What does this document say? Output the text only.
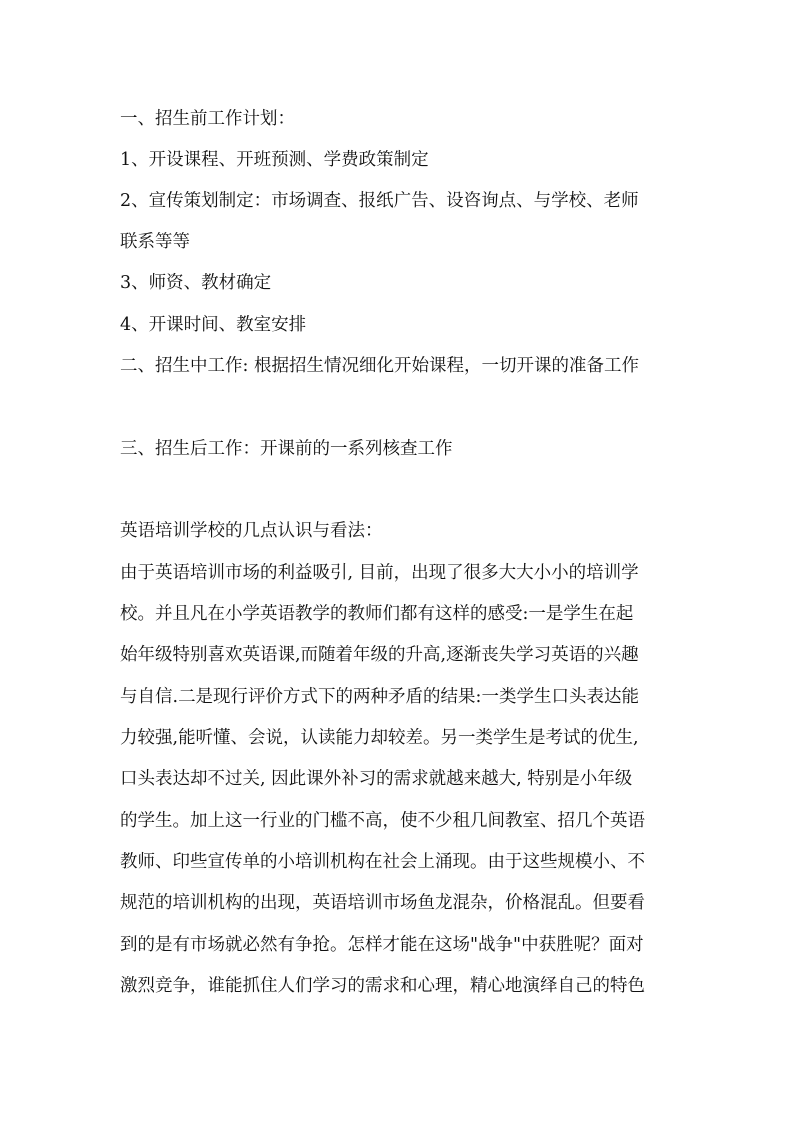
一、招生前工作计划：
1、开设课程、开班预测、学费政策制定
2、宣传策划制定：市场调查、报纸广告、设咨询点、与学校、老师
联系等等
3、师资、教材确定
4、开课时间、教室安排
二、招生中工作: 根据招生情况细化开始课程，一切开课的准备工作
三、招生后工作：开课前的一系列核查工作
英语培训学校的几点认识与看法：
由于英语培训市场的利益吸引, 目前，出现了很多大大小小的培训学
校。并且凡在小学英语教学的教师们都有这样的感受:一是学生在起
始年级特别喜欢英语课,而随着年级的升高,逐渐丧失学习英语的兴趣
与自信.二是现行评价方式下的两种矛盾的结果:一类学生口头表达能
力较强,能听懂、会说，认读能力却较差。另一类学生是考试的优生,
口头表达却不过关, 因此课外补习的需求就越来越大, 特别是小年级
的学生。加上这一行业的门槛不高，使不少租几间教室、招几个英语
教师、印些宣传单的小培训机构在社会上涌现。由于这些规模小、不
规范的培训机构的出现，英语培训市场鱼龙混杂，价格混乱。但要看
到的是有市场就必然有争抢。怎样才能在这场"战争"中获胜呢？面对
激烈竞争，谁能抓住人们学习的需求和心理，精心地演绎自己的特色
